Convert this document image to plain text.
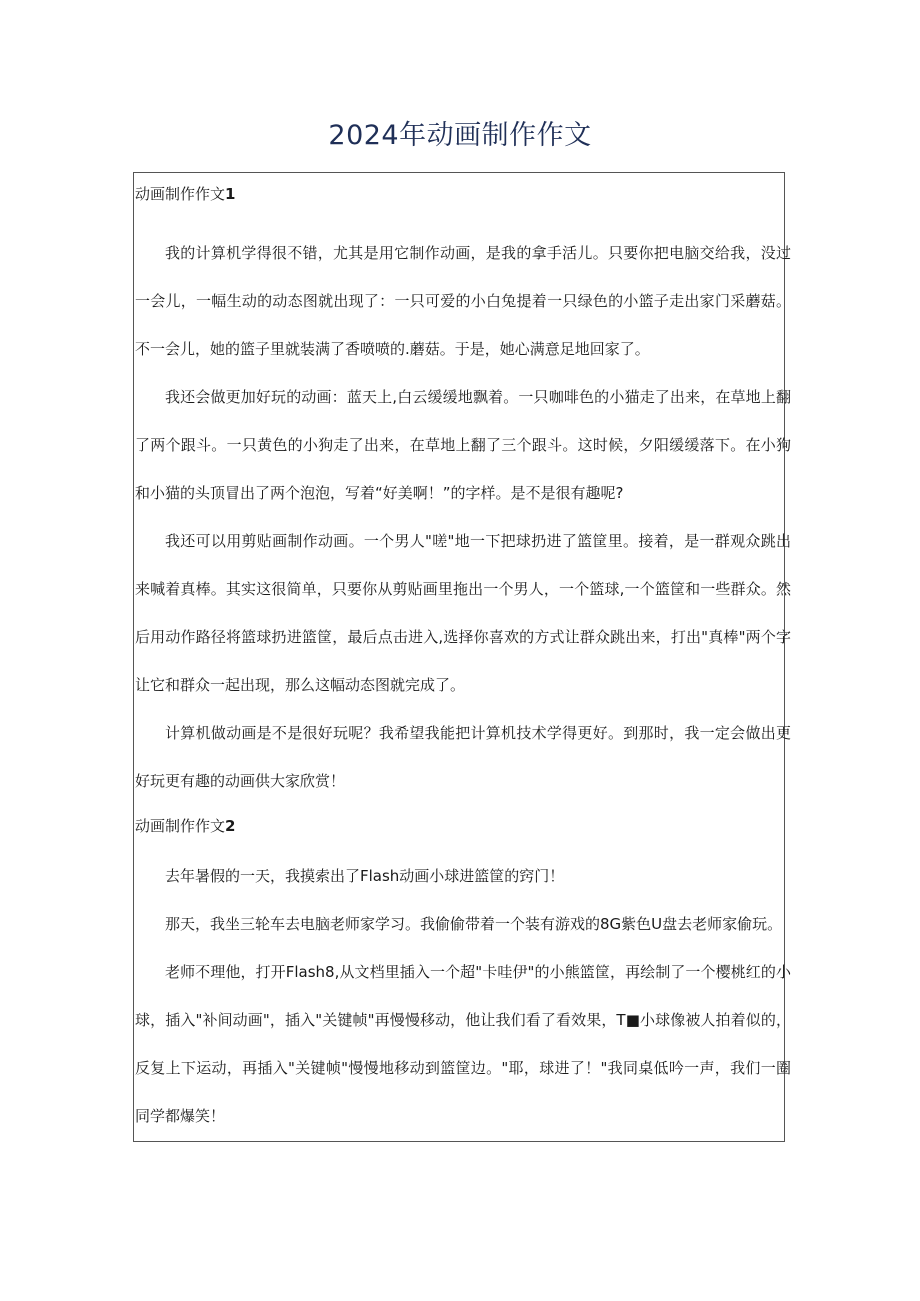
2024年动画制作作文
动画制作作文1

我的计算机学得很不错，尤其是用它制作动画，是我的拿手活儿。只要你把电脑交给我，没过一会儿，一幅生动的动态图就出现了：一只可爱的小白兔提着一只绿色的小篮子走出家门采蘑菇。不一会儿，她的篮子里就装满了香喷喷的.蘑菇。于是，她心满意足地回家了。

我还会做更加好玩的动画：蓝天上,白云缓缓地飘着。一只咖啡色的小猫走了出来，在草地上翻了两个跟斗。一只黄色的小狗走了出来，在草地上翻了三个跟斗。这时候，夕阳缓缓落下。在小狗和小猫的头顶冒出了两个泡泡，写着“好美啊！”的字样。是不是很有趣呢?

我还可以用剪贴画制作动画。一个男人"嗟"地一下把球扔进了篮筐里。接着，是一群观众跳出来喊着真棒。其实这很简单，只要你从剪贴画里拖出一个男人，一个篮球,一个篮筐和一些群众。然后用动作路径将篮球扔进篮筐，最后点击进入,选择你喜欢的方式让群众跳出来，打出"真棒"两个字让它和群众一起出现，那么这幅动态图就完成了。

计算机做动画是不是很好玩呢？我希望我能把计算机技术学得更好。到那时，我一定会做出更好玩更有趣的动画供大家欣赏！

动画制作作文2

去年暑假的一天，我摸索出了Flash动画小球进篮筐的窍门！

那天，我坐三轮车去电脑老师家学习。我偷偷带着一个装有游戏的8G紫色U盘去老师家偷玩。

老师不理他，打开Flash8,从文档里插入一个超"卡哇伊"的小熊篮筐，再绘制了一个樱桃红的小球，插入"补间动画"，插入"关键帧"再慢慢移动，他让我们看了看效果，T■小球像被人拍着似的，反复上下运动，再插入"关键帧"慢慢地移动到篮筐边。"耶，球进了！"我同桌低吟一声，我们一圈同学都爆笑！
